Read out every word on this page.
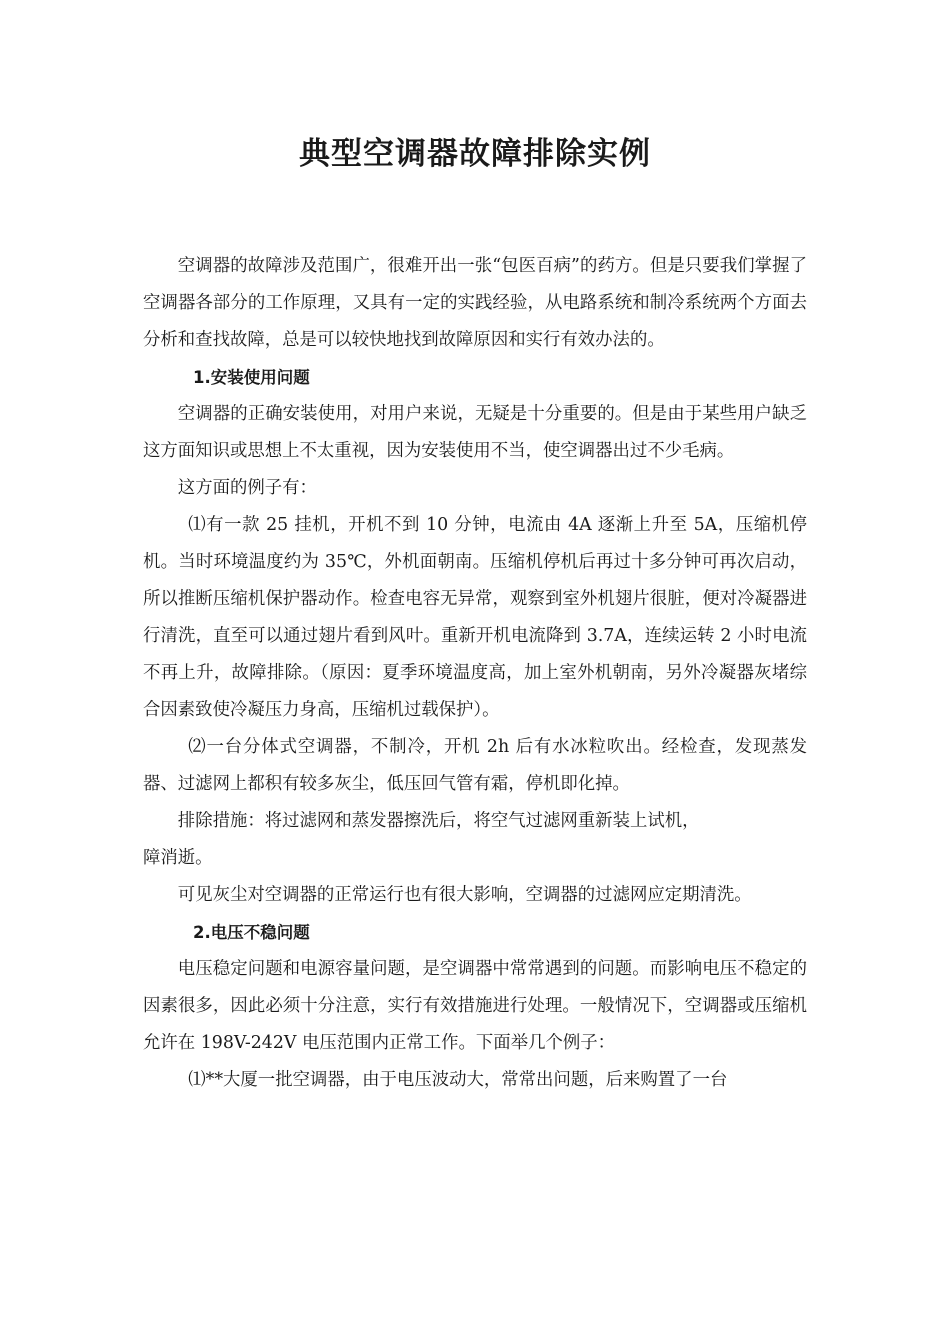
典型空调器故障排除实例

空调器的故障涉及范围广，很难开出一张“包医百病”的药方。但是只要我们掌握了空调器各部分的工作原理，又具有一定的实践经验，从电路系统和制冷系统两个方面去分析和查找故障，总是可以较快地找到故障原因和实行有效办法的。

1.安装使用问题

空调器的正确安装使用，对用户来说，无疑是十分重要的。但是由于某些用户缺乏这方面知识或思想上不太重视，因为安装使用不当，使空调器出过不少毛病。

这方面的例子有：

⑴有一款 25 挂机，开机不到 10 分钟，电流由 4A 逐渐上升至 5A，压缩机停机。当时环境温度约为 35℃，外机面朝南。压缩机停机后再过十多分钟可再次启动，所以推断压缩机保护器动作。检查电容无异常，观察到室外机翅片很脏，便对冷凝器进行清洗，直至可以通过翅片看到风叶。重新开机电流降到 3.7A，连续运转 2 小时电流不再上升，故障排除。（原因：夏季环境温度高，加上室外机朝南，另外冷凝器灰堵综合因素致使冷凝压力身高，压缩机过载保护）。

⑵一台分体式空调器，不制冷，开机 2h 后有水冰粒吹出。经检查，发现蒸发器、过滤网上都积有较多灰尘，低压回气管有霜，停机即化掉。

排除措施：将过滤网和蒸发器擦洗后，将空气过滤网重新装上试机，

障消逝。

可见灰尘对空调器的正常运行也有很大影响，空调器的过滤网应定期清洗。

2.电压不稳问题

电压稳定问题和电源容量问题，是空调器中常常遇到的问题。而影响电压不稳定的因素很多，因此必须十分注意，实行有效措施进行处理。一般情况下，空调器或压缩机允许在 198V-242V 电压范围内正常工作。下面举几个例子：

⑴**大厦一批空调器，由于电压波动大，常常出问题，后来购置了一台
